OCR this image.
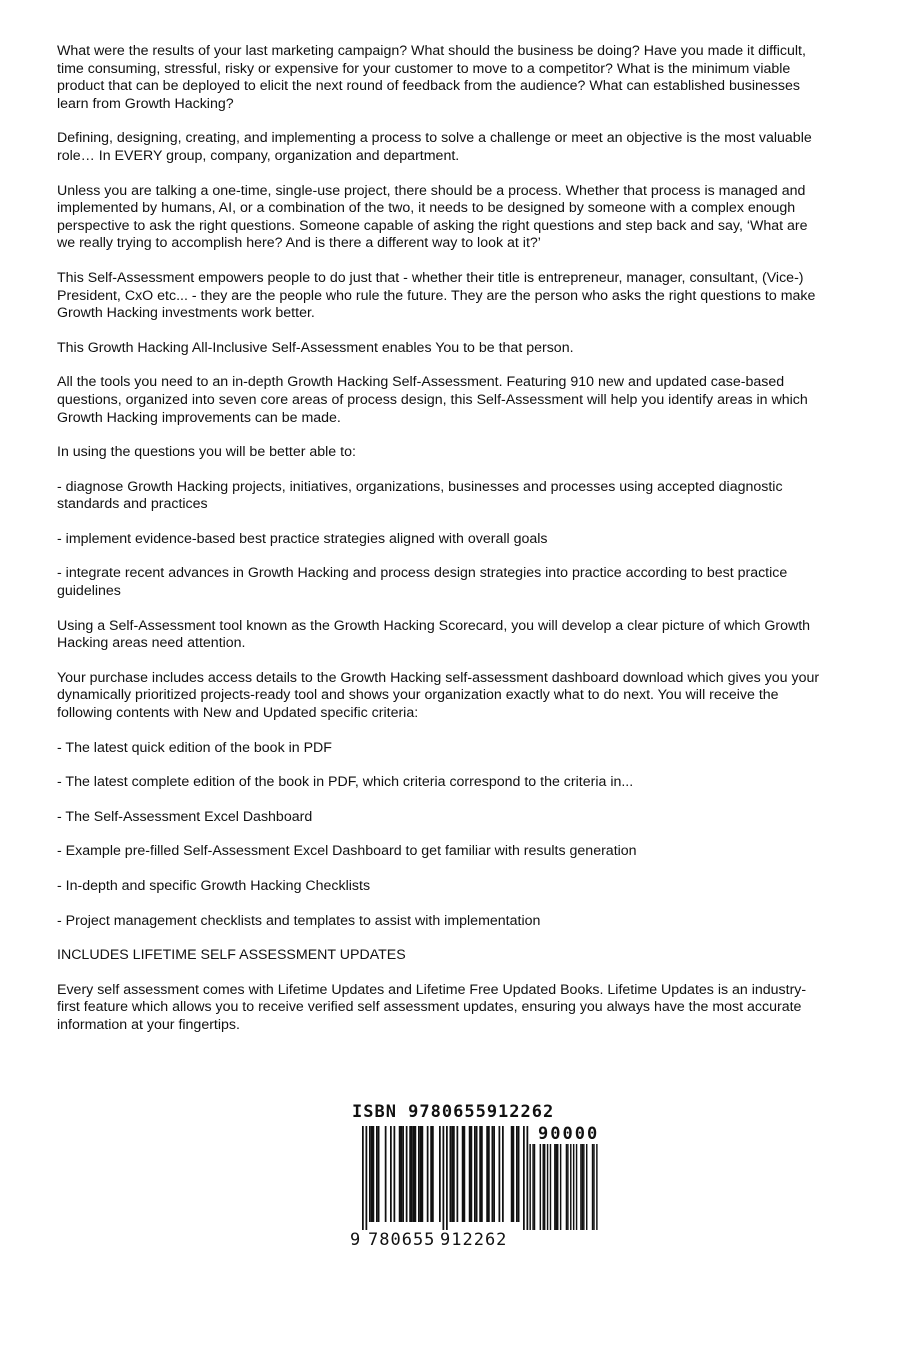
What were the results of your last marketing campaign? What should the business be doing? Have you made it difficult, time consuming, stressful, risky or expensive for your customer to move to a competitor? What is the minimum viable product that can be deployed to elicit the next round of feedback from the audience? What can established businesses learn from Growth Hacking?

Defining, designing, creating, and implementing a process to solve a challenge or meet an objective is the most valuable role… In EVERY group, company, organization and department.

Unless you are talking a one-time, single-use project, there should be a process. Whether that process is managed and implemented by humans, AI, or a combination of the two, it needs to be designed by someone with a complex enough perspective to ask the right questions. Someone capable of asking the right questions and step back and say, ‘What are we really trying to accomplish here? And is there a different way to look at it?’

This Self-Assessment empowers people to do just that - whether their title is entrepreneur, manager, consultant, (Vice-) President, CxO etc... - they are the people who rule the future. They are the person who asks the right questions to make Growth Hacking investments work better.

This Growth Hacking All-Inclusive Self-Assessment enables You to be that person.

All the tools you need to an in-depth Growth Hacking Self-Assessment. Featuring 910 new and updated case-based questions, organized into seven core areas of process design, this Self-Assessment will help you identify areas in which Growth Hacking improvements can be made.

In using the questions you will be better able to:

- diagnose Growth Hacking projects, initiatives, organizations, businesses and processes using accepted diagnostic standards and practices

- implement evidence-based best practice strategies aligned with overall goals

- integrate recent advances in Growth Hacking and process design strategies into practice according to best practice guidelines

Using a Self-Assessment tool known as the Growth Hacking Scorecard, you will develop a clear picture of which Growth Hacking areas need attention.

Your purchase includes access details to the Growth Hacking self-assessment dashboard download which gives you your dynamically prioritized projects-ready tool and shows your organization exactly what to do next. You will receive the following contents with New and Updated specific criteria:

- The latest quick edition of the book in PDF

- The latest complete edition of the book in PDF, which criteria correspond to the criteria in...

- The Self-Assessment Excel Dashboard

- Example pre-filled Self-Assessment Excel Dashboard to get familiar with results generation

- In-depth and specific Growth Hacking Checklists

- Project management checklists and templates to assist with implementation

INCLUDES LIFETIME SELF ASSESSMENT UPDATES

Every self assessment comes with Lifetime Updates and Lifetime Free Updated Books. Lifetime Updates is an industry-first feature which allows you to receive verified self assessment updates, ensuring you always have the most accurate information at your fingertips.

ISBN 9780655912262
90000
9 780655 912262
